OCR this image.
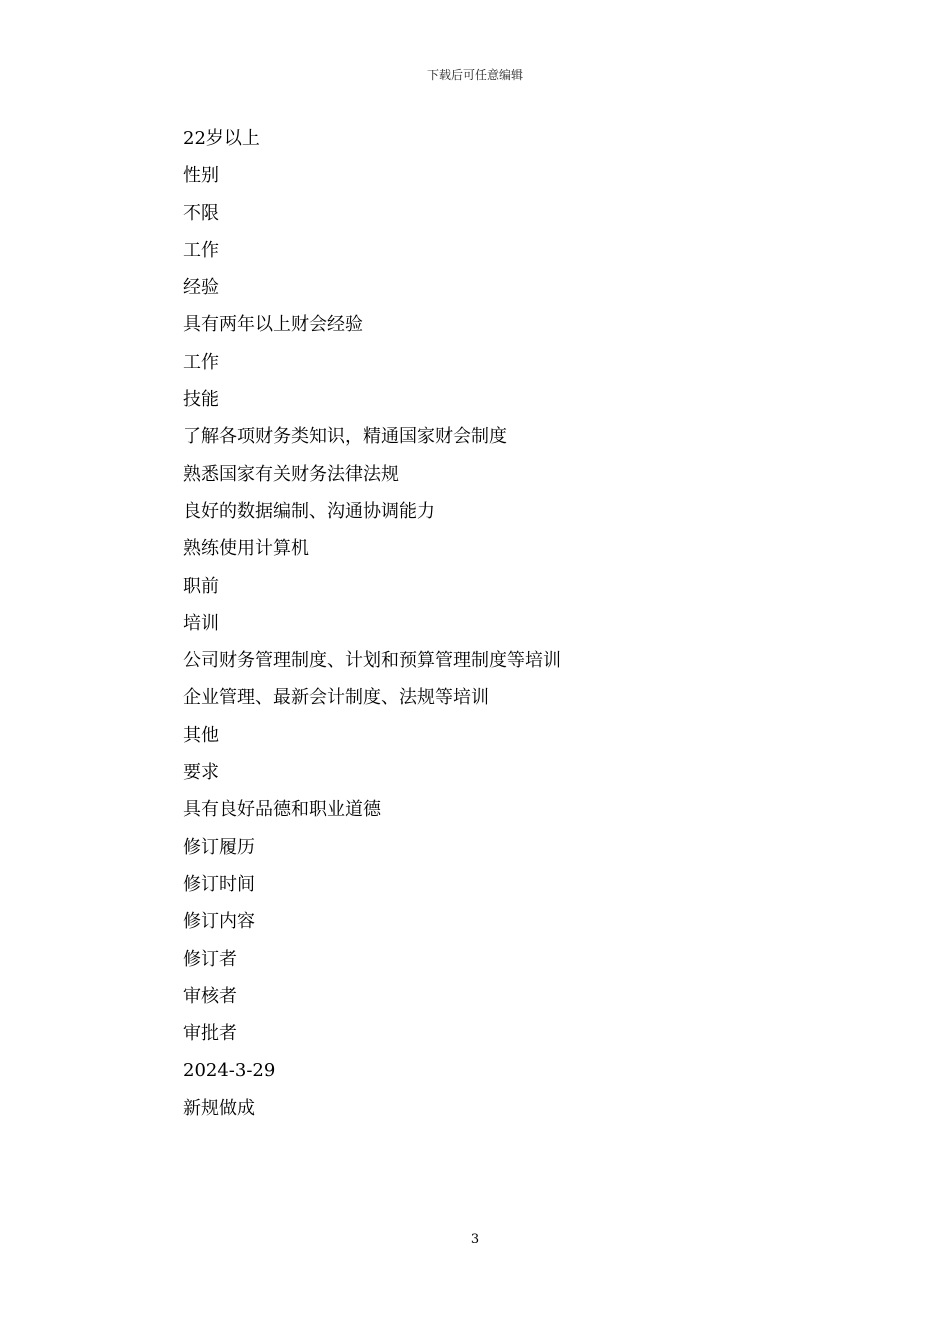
下载后可任意编辑
22岁以上
性别
不限
工作
经验
具有两年以上财会经验
工作
技能
了解各项财务类知识，精通国家财会制度
熟悉国家有关财务法律法规
良好的数据编制、沟通协调能力
熟练使用计算机
职前
培训
公司财务管理制度、计划和预算管理制度等培训
企业管理、最新会计制度、法规等培训
其他
要求
具有良好品德和职业道德
修订履历
修订时间
修订内容
修订者
审核者
审批者
2024-3-29
新规做成
3
